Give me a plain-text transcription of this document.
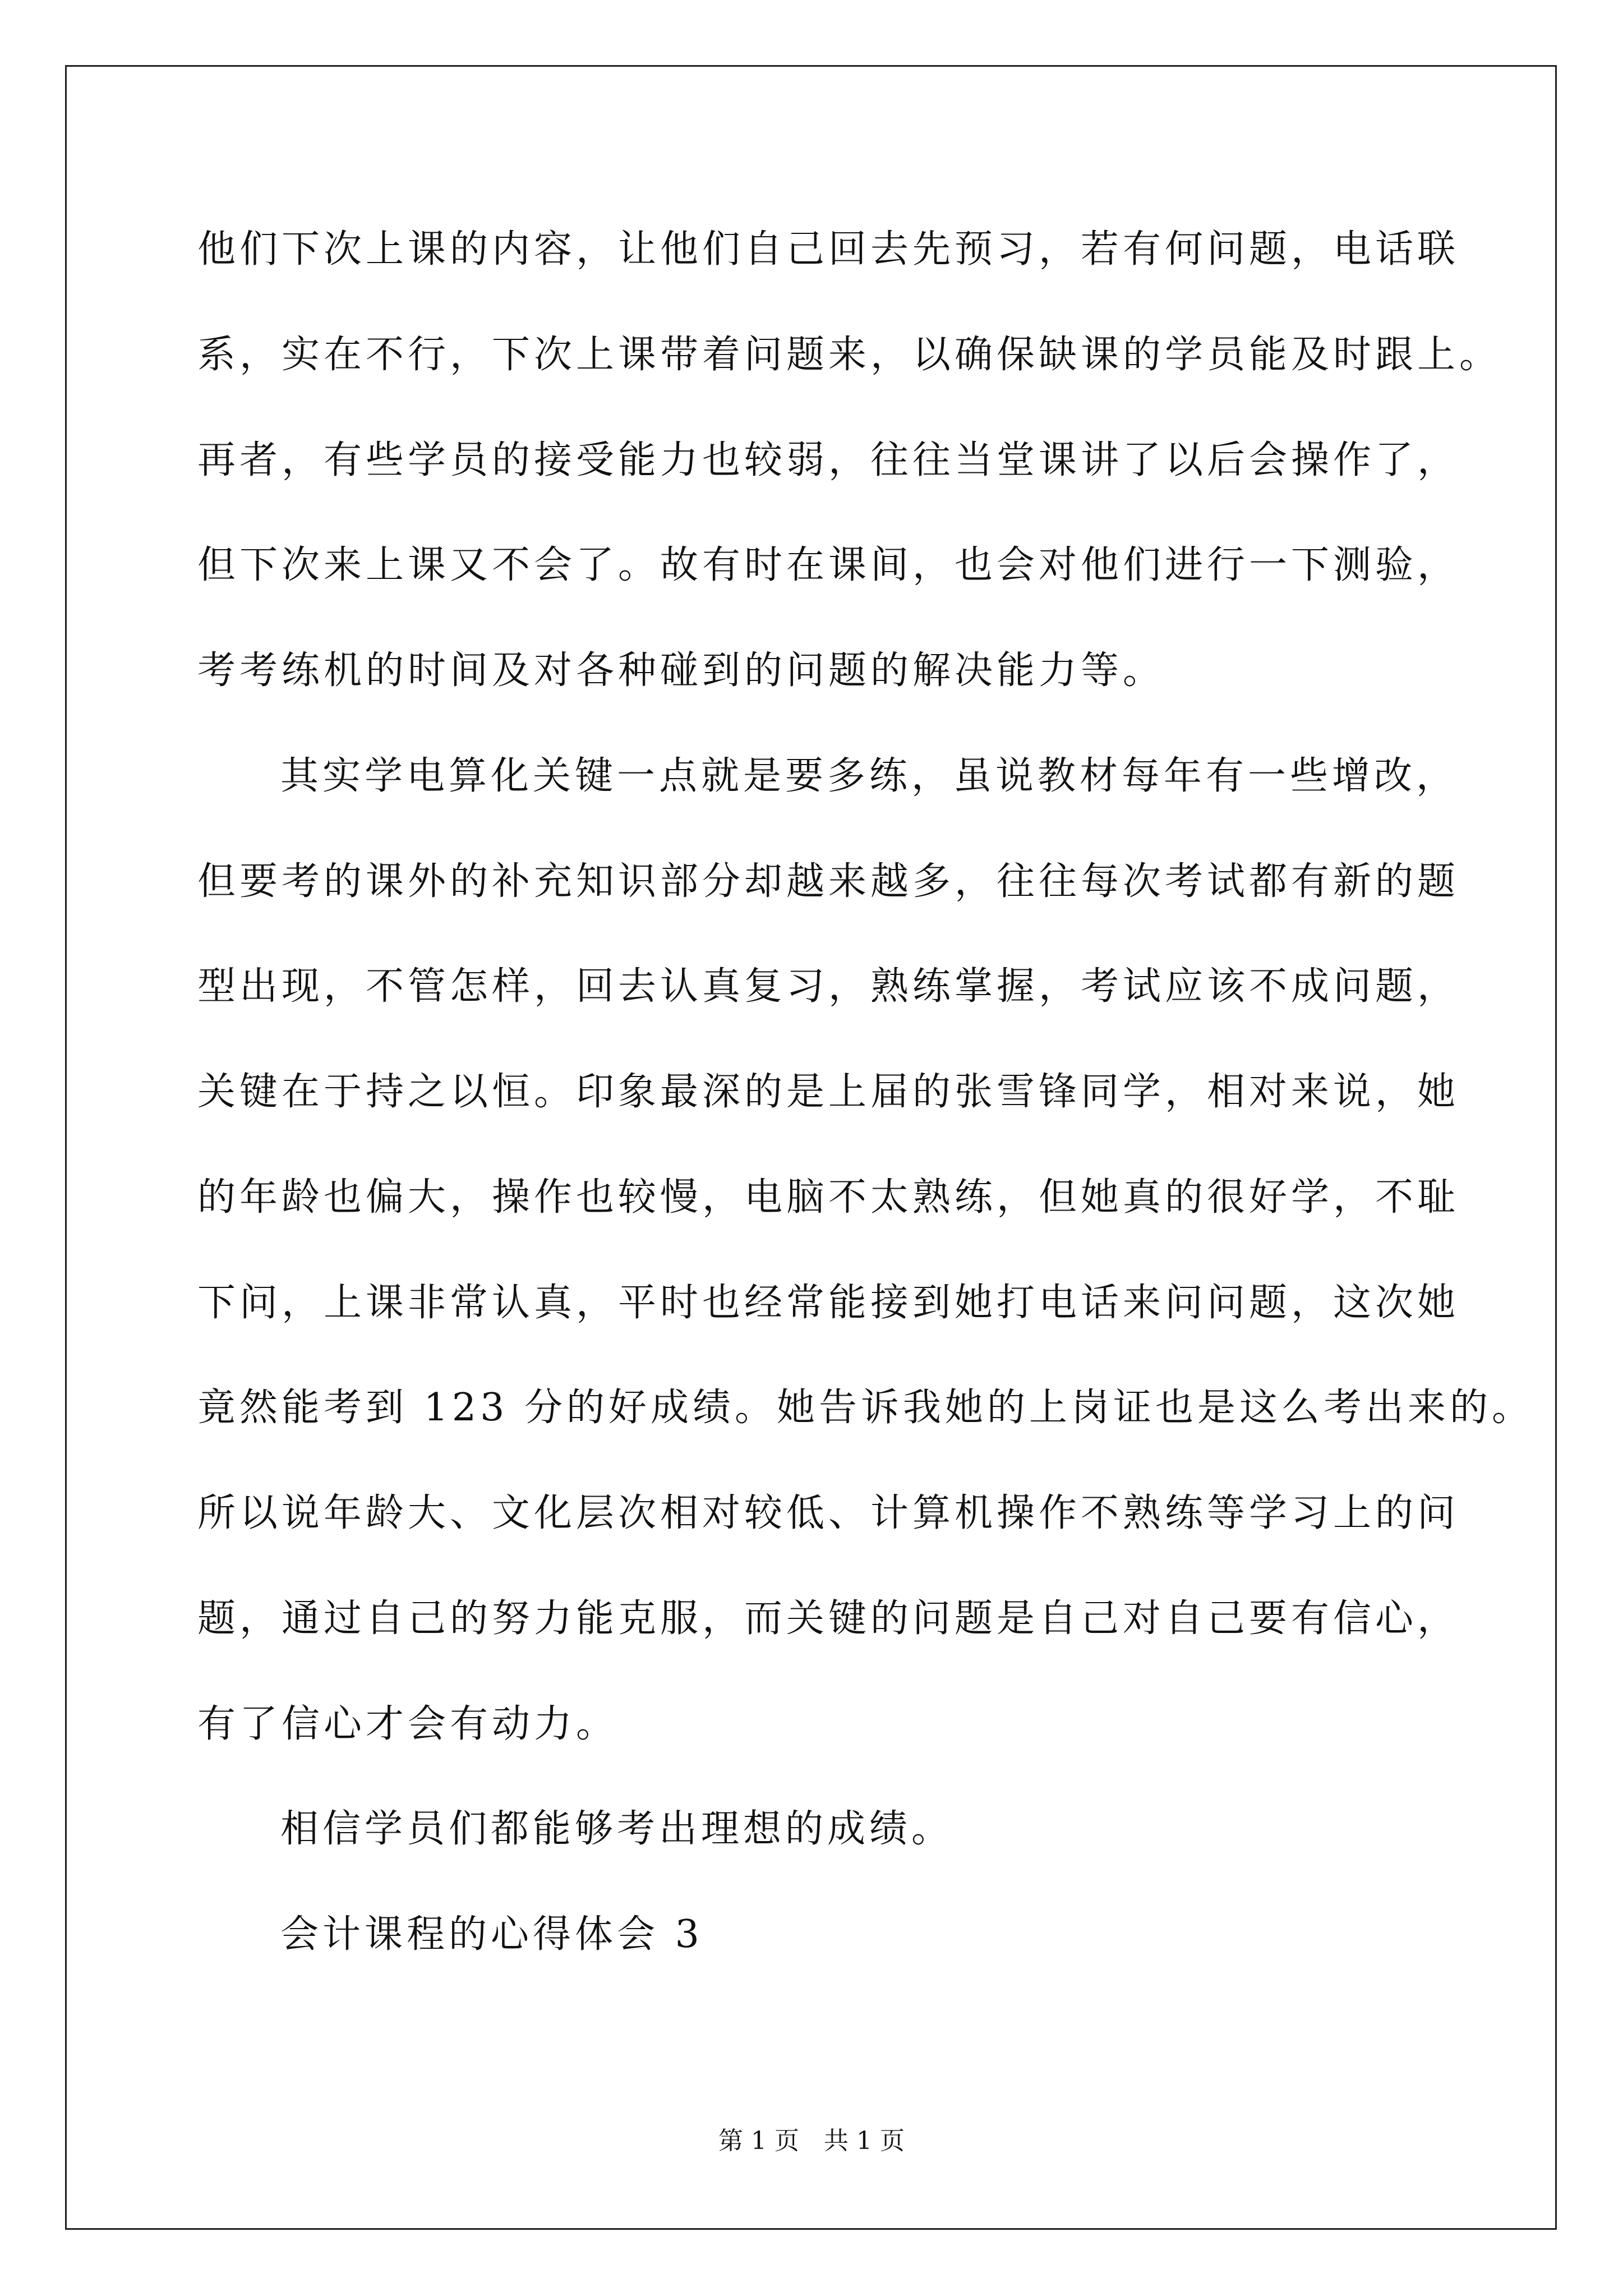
他们下次上课的内容，让他们自己回去先预习，若有何问题，电话联
系，实在不行，下次上课带着问题来，以确保缺课的学员能及时跟上。
再者，有些学员的接受能力也较弱，往往当堂课讲了以后会操作了，
但下次来上课又不会了。故有时在课间，也会对他们进行一下测验，
考考练机的时间及对各种碰到的问题的解决能力等。
其实学电算化关键一点就是要多练，虽说教材每年有一些增改，
但要考的课外的补充知识部分却越来越多，往往每次考试都有新的题
型出现，不管怎样，回去认真复习，熟练掌握，考试应该不成问题，
关键在于持之以恒。印象最深的是上届的张雪锋同学，相对来说，她
的年龄也偏大，操作也较慢，电脑不太熟练，但她真的很好学，不耻
下问，上课非常认真，平时也经常能接到她打电话来问问题，这次她
竟然能考到 123 分的好成绩。她告诉我她的上岗证也是这么考出来的。
所以说年龄大、文化层次相对较低、计算机操作不熟练等学习上的问
题，通过自己的努力能克服，而关键的问题是自己对自己要有信心，
有了信心才会有动力。
相信学员们都能够考出理想的成绩。
会计课程的心得体会 3
第 1 页　共 1 页
